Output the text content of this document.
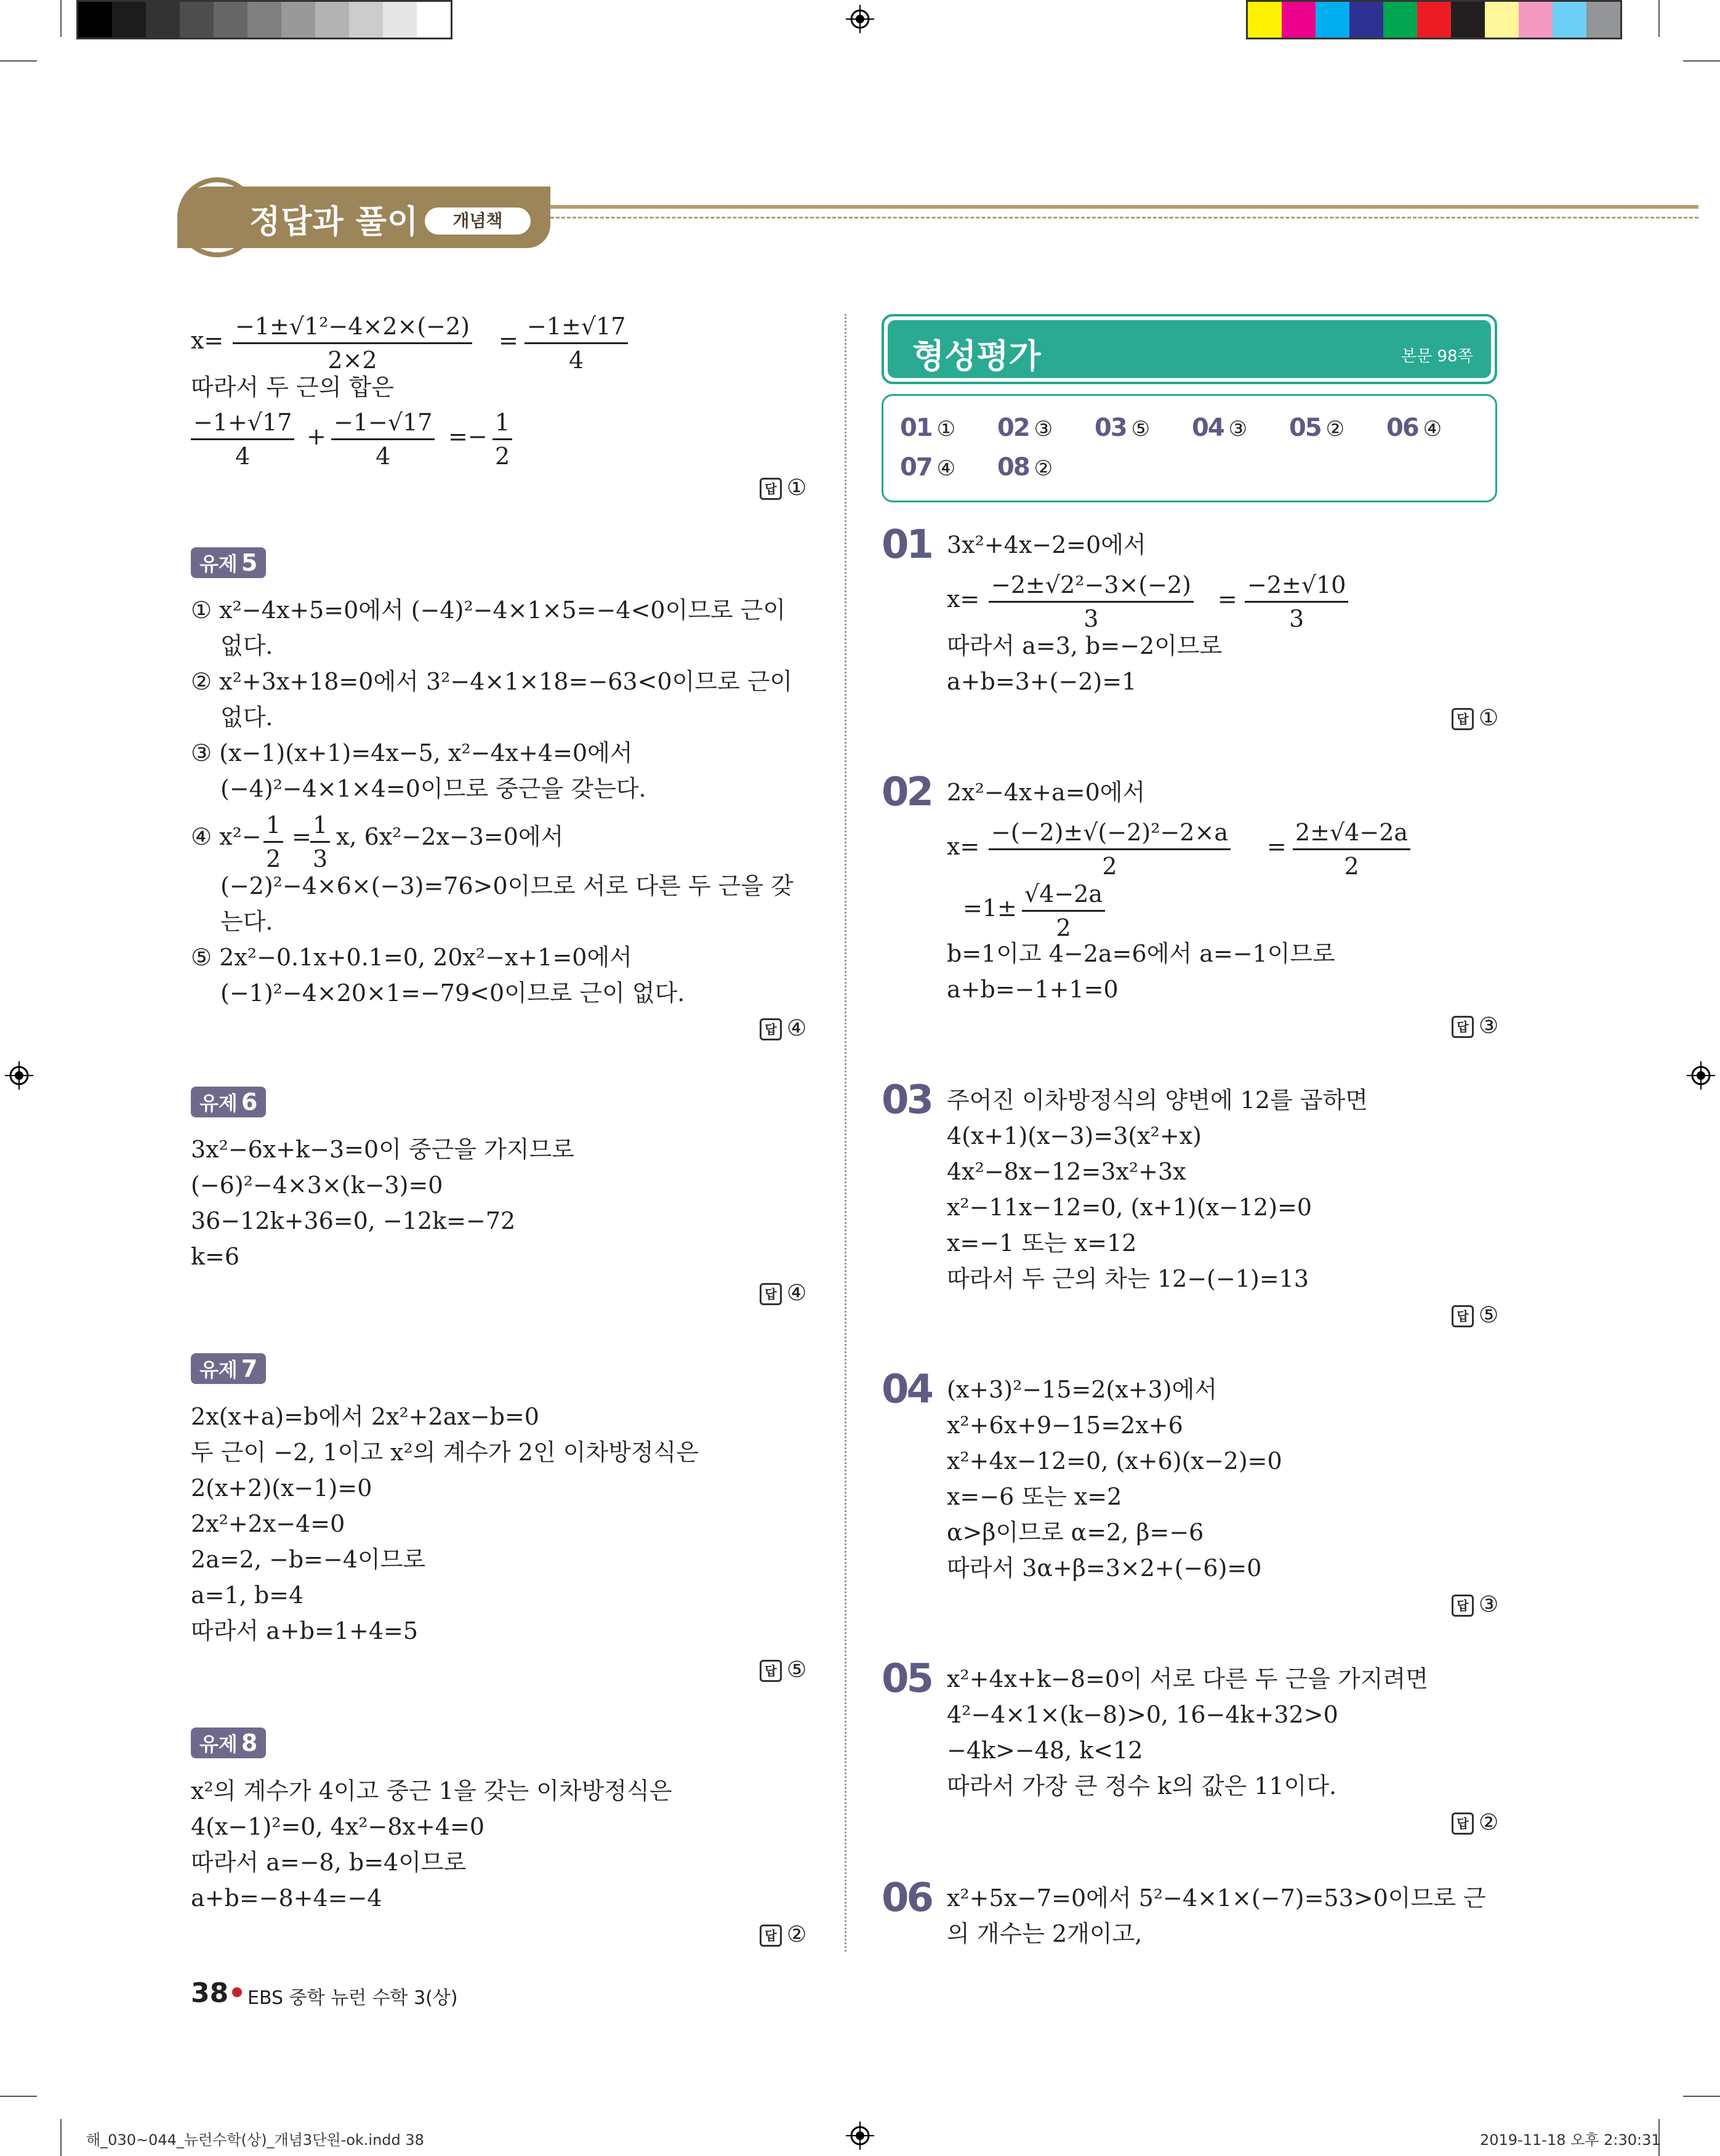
정답과 풀이	개념책
$x= \frac{\text{−1±√1²−4×2×(−2)}}{2\times 2} = \frac{-1\pm√17}{4}$
따라서 두 근의 합은
$\frac{-1+√17}{4} + \frac{-1-√17}{4} =- \frac{1}{2}$
답 ①
유제 5
① x²−4x+5=0에서 (−4)²−4×1×5=−4<0이므로 근이
없다.
② x²+3x+18=0에서 3²−4×1×18=−63<0이므로 근이
없다.
③ (x−1)(x+1)=4x−5, x²−4x+4=0에서
(−4)²−4×1×4=0이므로 중근을 갖는다.
④ $x^2- \frac{1}{2}$ =
$\frac{1}{3} x$, 6x²−2x−3=0에서
(−2)²−4×6×(−3)=76>0이므로 서로 다른 두 근을 갖
는다.
⑤ 2x²−0.1x+0.1=0, 20x²−x+1=0에서
(−1)²−4×20×1=−79<0이므로 근이 없다.
답 ④
유제 6
3x²−6x+k−3=0이 중근을 가지므로
(−6)²−4×3×(k−3)=0
36−12k+36=0, −12k=−72
k=6
답 ④
유제 7
2x(x+a)=b에서 2x²+2ax−b=0
두 근이 −2, 1이고 x²의 계수가 2인 이차방정식은
2(x+2)(x−1)=0
2x²+2x−4=0
2a=2, −b=−4이므로
a=1, b=4
따라서 a+b=1+4=5
답 ⑤
유제 8
x²의 계수가 4이고 중근 1을 갖는 이차방정식은
4(x−1)²=0, 4x²−8x+4=0
따라서 a=−8, b=4이므로
a+b=−8+4=−4
답 ②
형성평가	본문 98쪽
01 ① 02 ③ 03 ⑤ 04 ③ 05 ② 06 ④
07 ④ 08 ②
01 3x²+4x−2=0에서
$x= \frac{\text{−2±√2²−3×(−2)}}{3} = \frac{-2\pm√10}{3}$
따라서 a=3, b=−2이므로
a+b=3+(−2)=1
답 ①
02 2x²−4x+a=0에서
$x= \frac{\text{−(−2)±√(−2)²−2×a}}{2} = \frac{2\pm√4-2a}{2}$
$=1\pm \frac{√4-2a}{2}$
b=1이고 4−2a=6에서 a=−1이므로
a+b=−1+1=0
답 ③
03 주어진 이차방정식의 양변에 12를 곱하면
4(x+1)(x−3)=3(x²+x)
4x²−8x−12=3x²+3x
x²−11x−12=0, (x+1)(x−12)=0
x=−1 또는 x=12
따라서 두 근의 차는 12−(−1)=13
답 ⑤
04 (x+3)²−15=2(x+3)에서
x²+6x+9−15=2x+6
x²+4x−12=0, (x+6)(x−2)=0
x=−6 또는 x=2
α>β이므로 α=2, β=−6
따라서 3α+β=3×2+(−6)=0
답 ③
05 x²+4x+k−8=0이 서로 다른 두 근을 가지려면
4²−4×1×(k−8)>0, 16−4k+32>0
−4k>−48, k<12
따라서 가장 큰 정수 k의 값은 11이다.
답 ②
06 x²+5x−7=0에서 5²−4×1×(−7)=53>0이므로 근
의 개수는 2개이고,
38 EBS 중학 뉴런 수학 3(상)
해_030~044_뉴런수학(상)_개념3단원-ok.indd 38	2019-11-18 오후 2:30:31
